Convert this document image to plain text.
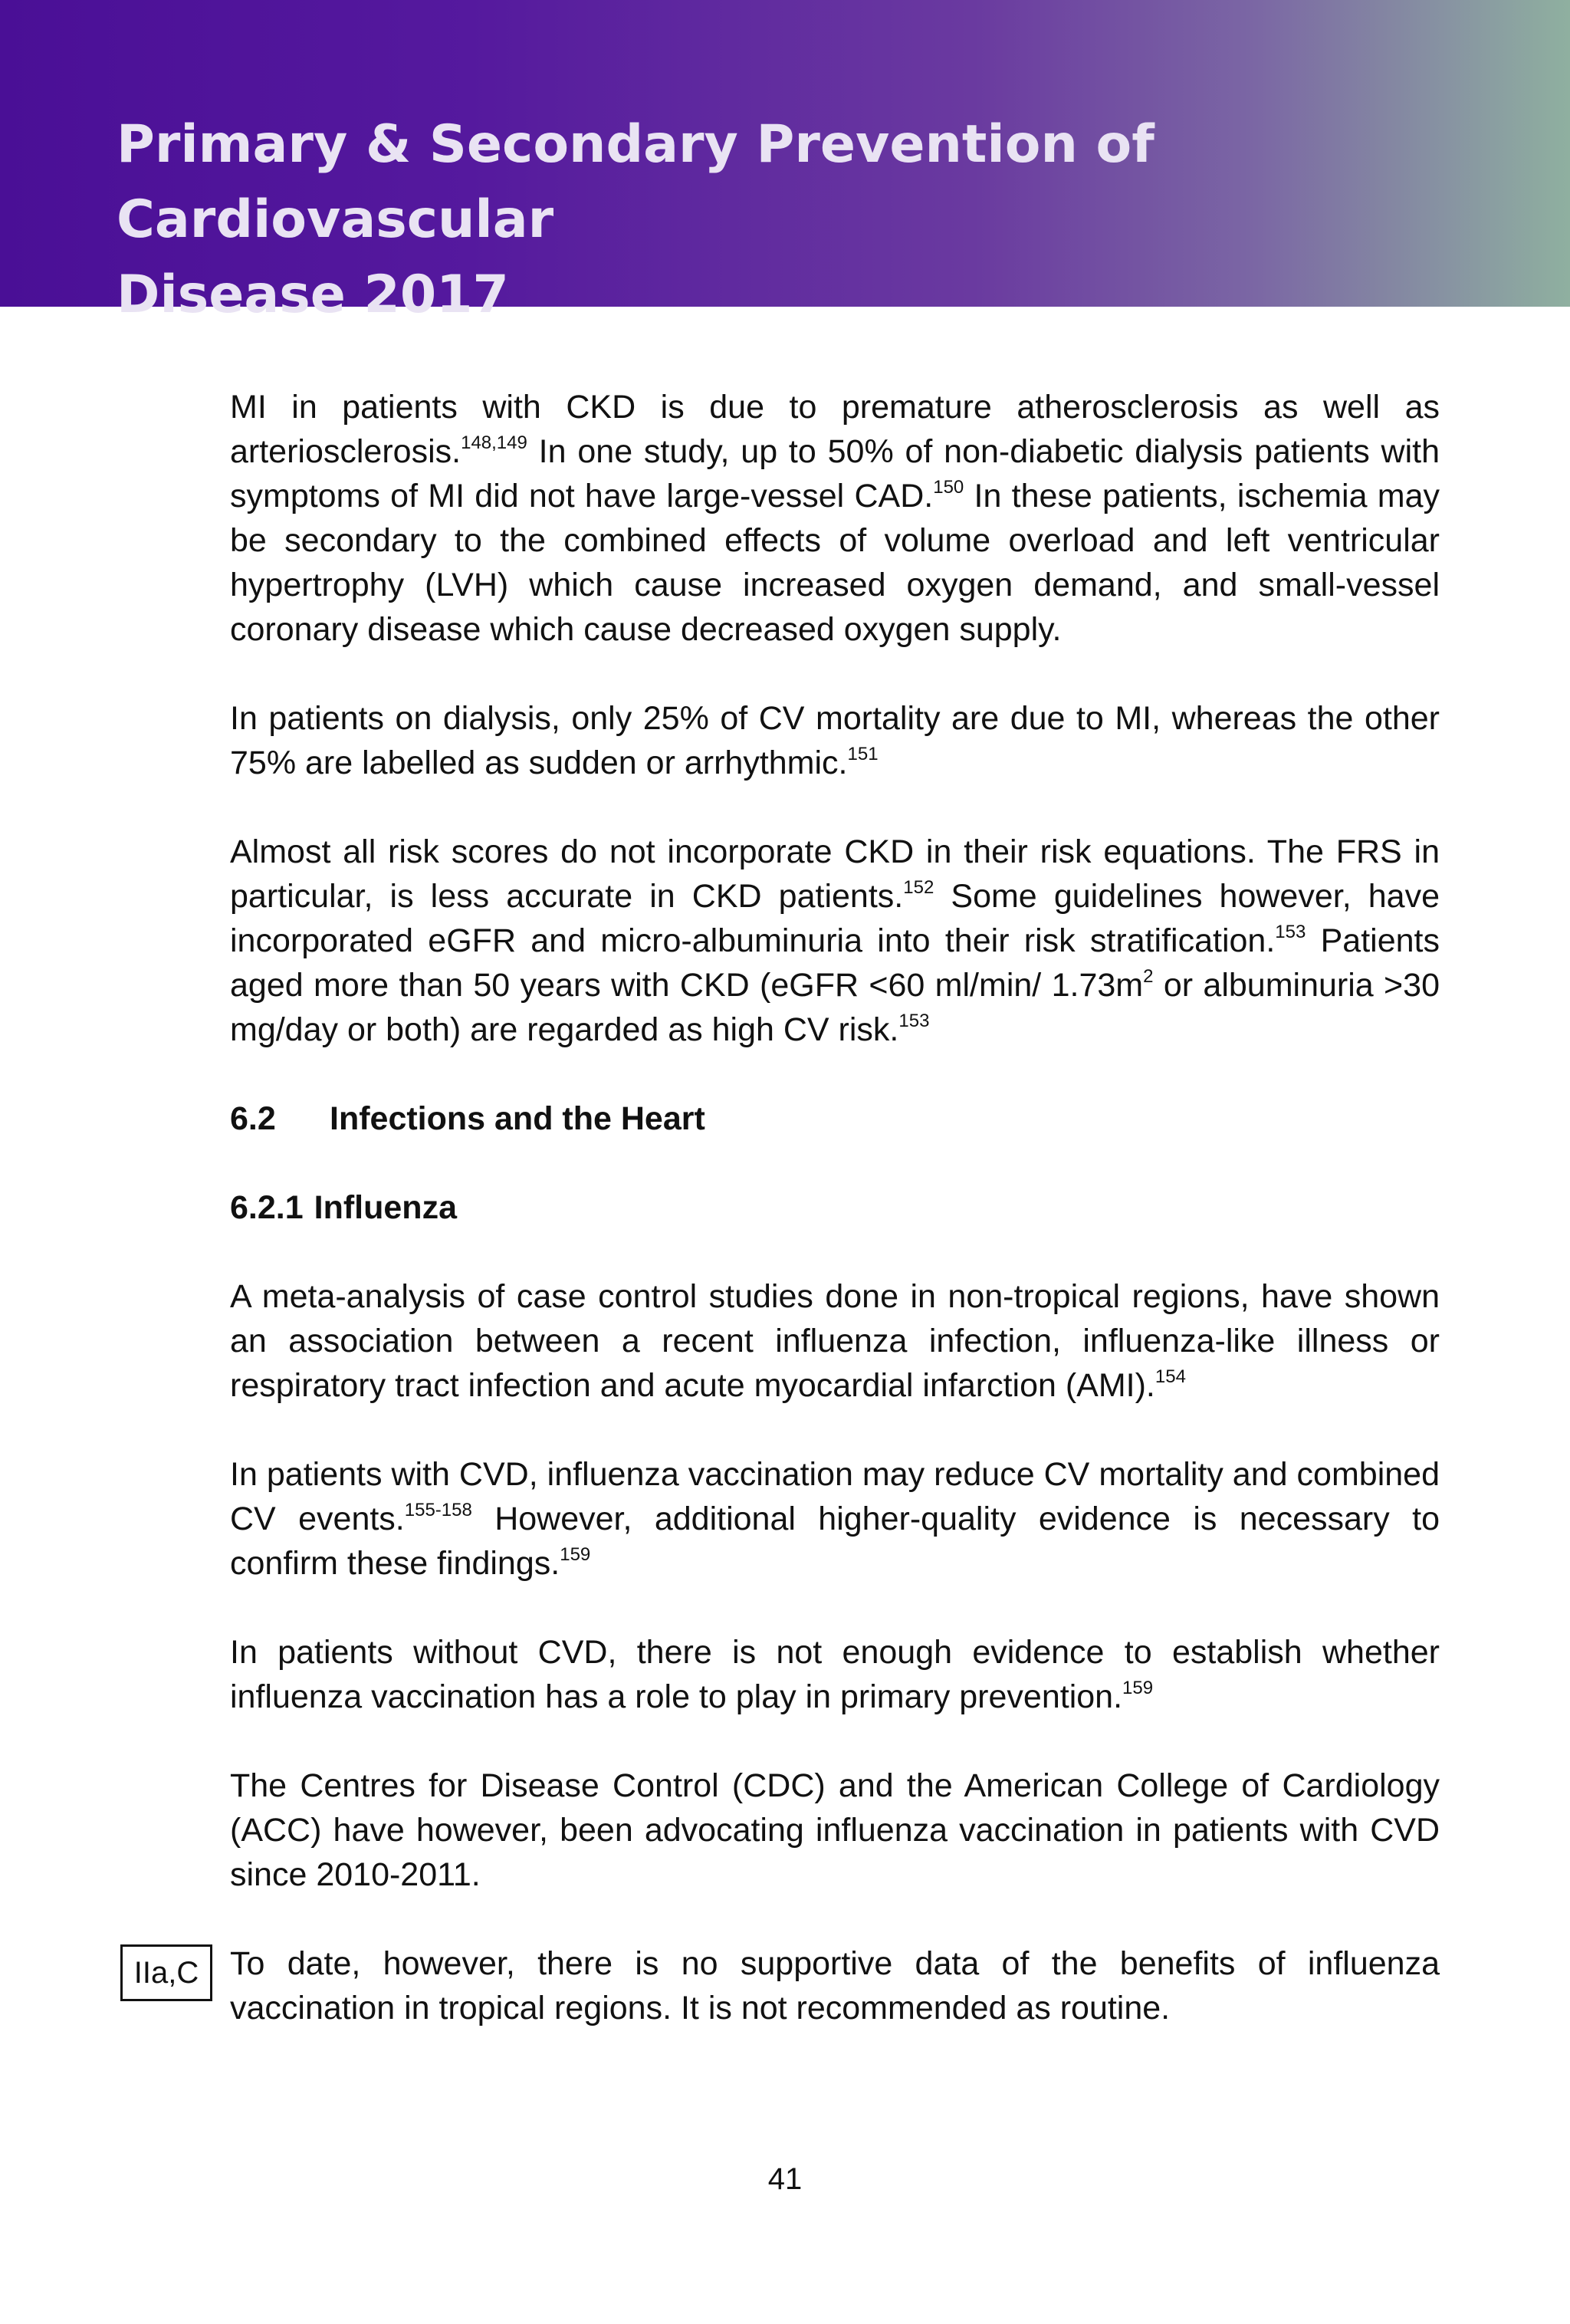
Primary & Secondary Prevention of Cardiovascular
Disease 2017

MI in patients with CKD is due to premature atherosclerosis as well as arteriosclerosis.$^{148,149}$ In one study, up to 50% of non-diabetic dialysis patients with symptoms of MI did not have large-vessel CAD.$^{150}$ In these patients, ischemia may be secondary to the combined effects of volume overload and left ventricular hypertrophy (LVH) which cause increased oxygen demand, and small-vessel coronary disease which cause decreased oxygen supply.

In patients on dialysis, only 25% of CV mortality are due to MI, whereas the other 75% are labelled as sudden or arrhythmic.$^{151}$

Almost all risk scores do not incorporate CKD in their risk equations. The FRS in particular, is less accurate in CKD patients.$^{152}$ Some guidelines however, have incorporated eGFR and micro-albuminuria into their risk stratification.$^{153}$ Patients aged more than 50 years with CKD (eGFR <60 ml/min/ $1.73m^2$ or albuminuria >30 mg/day or both) are regarded as high CV risk.$^{153}$

6.2 Infections and the Heart
6.2.1 Influenza

A meta-analysis of case control studies done in non-tropical regions, have shown an association between a recent influenza infection, influenza-like illness or respiratory tract infection and acute myocardial infarction (AMI).$^{154}$

In patients with CVD, influenza vaccination may reduce CV mortality and combined CV events.$^{155-158}$ However, additional higher-quality evidence is necessary to confirm these findings.$^{159}$

In patients without CVD, there is not enough evidence to establish whether influenza vaccination has a role to play in primary prevention.$^{159}$

The Centres for Disease Control (CDC) and the American College of Cardiology (ACC) have however, been advocating influenza vaccination in patients with CVD since 2010-2011.

IIa,C To date, however, there is no supportive data of the benefits of influenza vaccination in tropical regions. It is not recommended as routine.

41
